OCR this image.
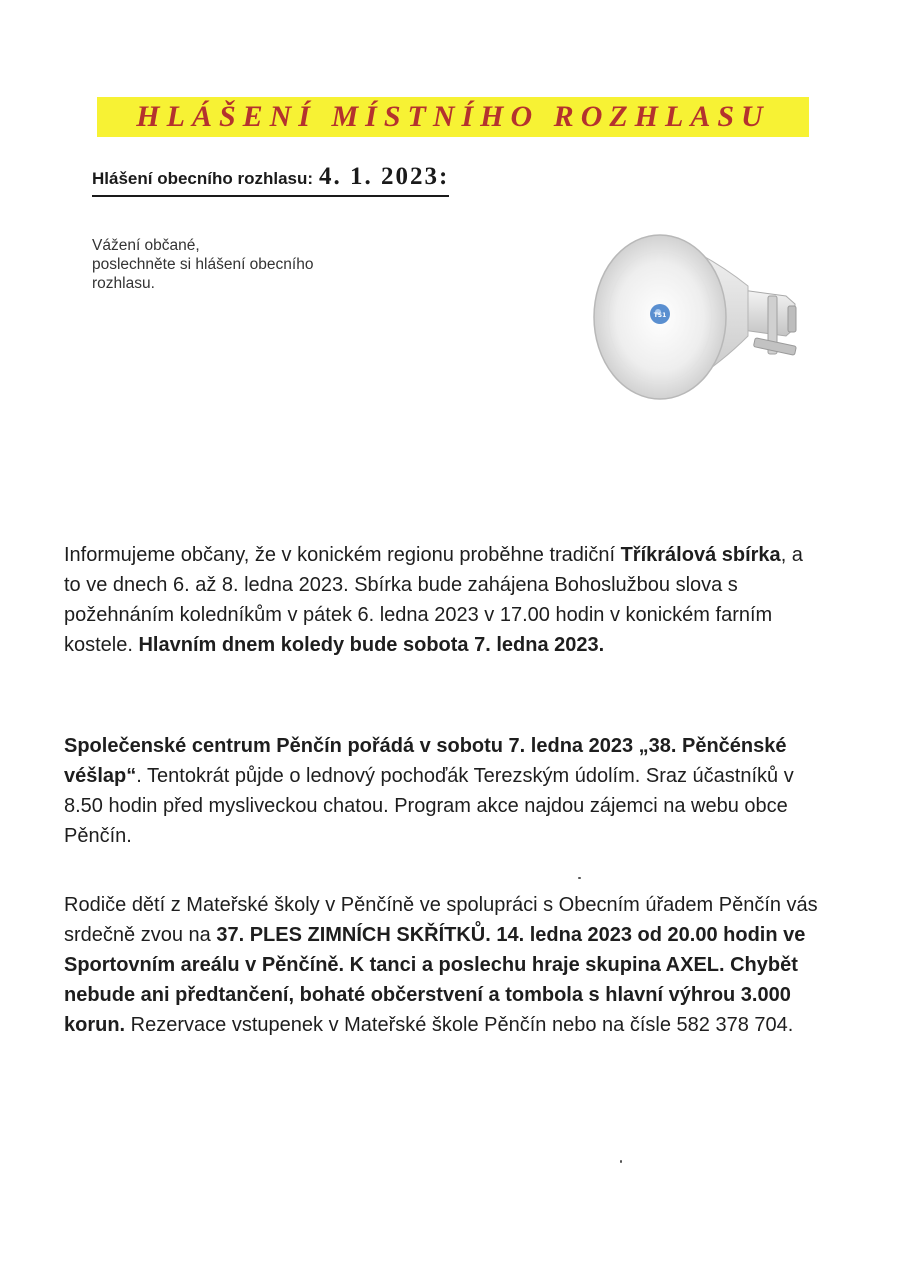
HLÁŠENÍ MÍSTNÍHO ROZHLASU
Hlášení obecního rozhlasu: 4. 1. 2023:

Vážení občané,

poslechněte si hlášení obecního

rozhlasu.

TS1

Informujeme občany, že v konickém regionu proběhne tradiční Tříkrálová sbírka, a to ve dnech 6. až 8. ledna 2023. Sbírka bude zahájena Bohoslužbou slova s požehnáním koledníkům v pátek 6. ledna 2023 v 17.00 hodin v konickém farním kostele. Hlavním dnem koledy bude sobota 7. ledna 2023.

Společenské centrum Pěnčín pořádá v sobotu 7. ledna 2023 „38. Pěnčénské véšlap“. Tentokrát půjde o lednový pochoďák Terezským údolím. Sraz účastníků v 8.50 hodin před mysliveckou chatou. Program akce najdou zájemci na webu obce Pěnčín.

Rodiče dětí z Mateřské školy v Pěnčíně ve spolupráci s Obecním úřadem Pěnčín vás srdečně zvou na 37. PLES ZIMNÍCH SKŘÍTKŮ. 14. ledna 2023 od 20.00 hodin ve Sportovním areálu v Pěnčíně. K tanci a poslechu hraje skupina AXEL. Chybět nebude ani předtančení, bohaté občerstvení a tombola s hlavní výhrou 3.000 korun. Rezervace vstupenek v Mateřské škole Pěnčín nebo na čísle 582 378 704.
